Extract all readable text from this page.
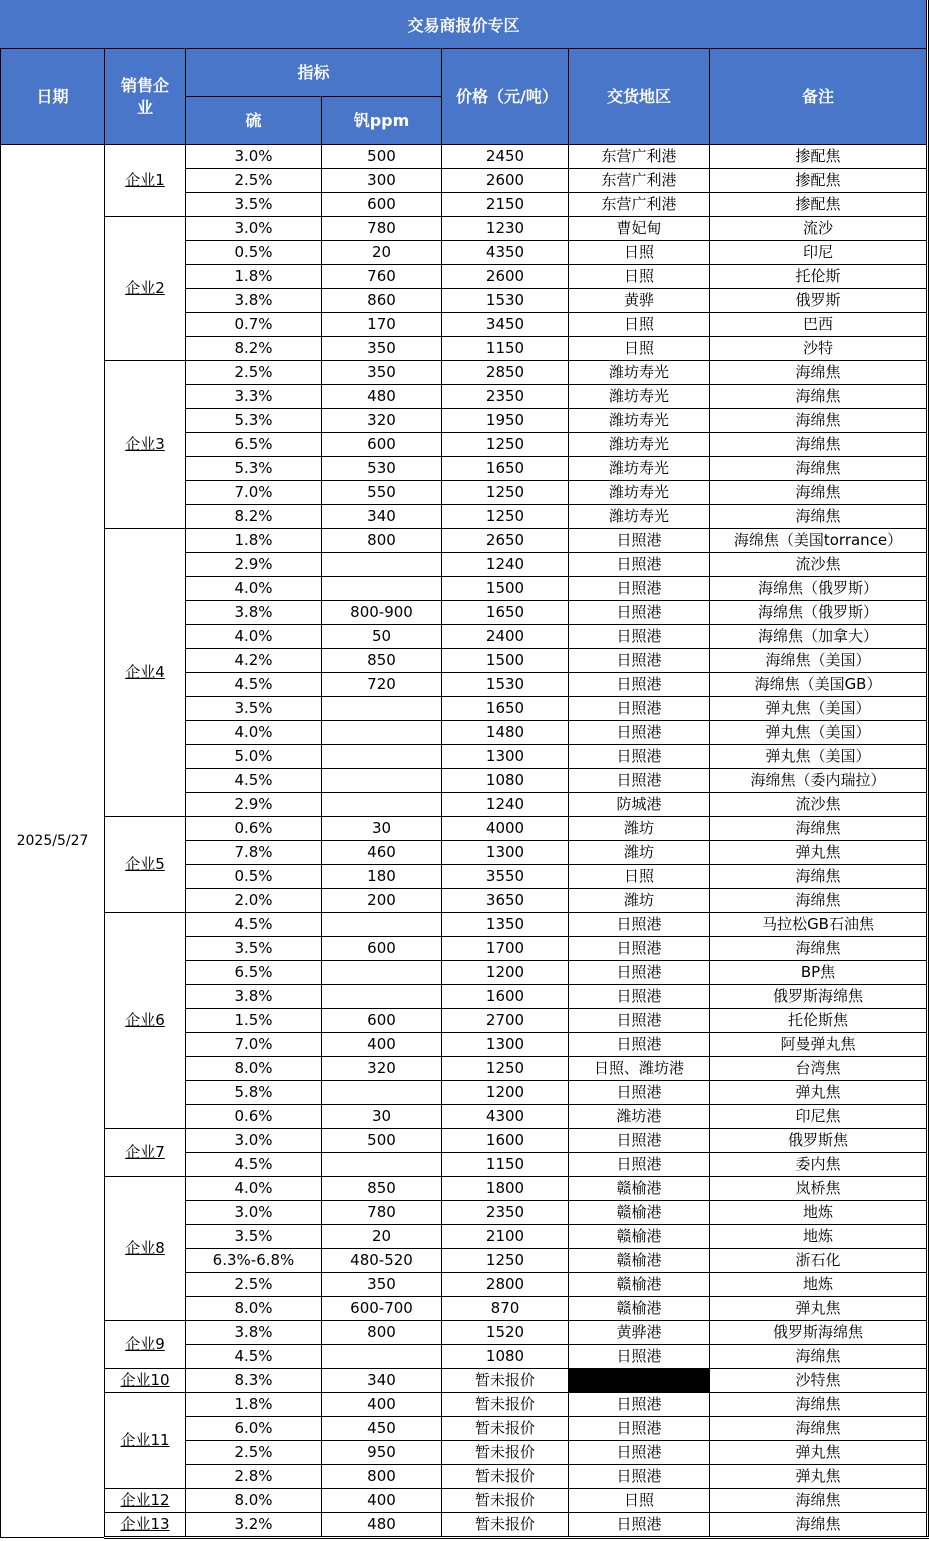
交易商报价专区						
日期	销售企业	指标		价格（元/吨）	交货地区	备注
		硫	钒ppm			
2025/5/27	企业1	3.0%	500	2450	东营广利港	掺配焦
		2.5%	300	2600	东营广利港	掺配焦
		3.5%	600	2150	东营广利港	掺配焦
	企业2	3.0%	780	1230	曹妃甸	流沙
		0.5%	20	4350	日照	印尼
		1.8%	760	2600	日照	托伦斯
		3.8%	860	1530	黄骅	俄罗斯
		0.7%	170	3450	日照	巴西
		8.2%	350	1150	日照	沙特
	企业3	2.5%	350	2850	潍坊寿光	海绵焦
		3.3%	480	2350	潍坊寿光	海绵焦
		5.3%	320	1950	潍坊寿光	海绵焦
		6.5%	600	1250	潍坊寿光	海绵焦
		5.3%	530	1650	潍坊寿光	海绵焦
		7.0%	550	1250	潍坊寿光	海绵焦
		8.2%	340	1250	潍坊寿光	海绵焦
	企业4	1.8%	800	2650	日照港	海绵焦（美国torrance）
		2.9%		1240	日照港	流沙焦
		4.0%		1500	日照港	海绵焦（俄罗斯）
		3.8%	800-900	1650	日照港	海绵焦（俄罗斯）
		4.0%	50	2400	日照港	海绵焦（加拿大）
		4.2%	850	1500	日照港	海绵焦（美国）
		4.5%	720	1530	日照港	海绵焦（美国GB）
		3.5%		1650	日照港	弹丸焦（美国）
		4.0%		1480	日照港	弹丸焦（美国）
		5.0%		1300	日照港	弹丸焦（美国）
		4.5%		1080	日照港	海绵焦（委内瑞拉）
		2.9%		1240	防城港	流沙焦
	企业5	0.6%	30	4000	潍坊	海绵焦
		7.8%	460	1300	潍坊	弹丸焦
		0.5%	180	3550	日照	海绵焦
		2.0%	200	3650	潍坊	海绵焦
	企业6	4.5%		1350	日照港	马拉松GB石油焦
		3.5%	600	1700	日照港	海绵焦
		6.5%		1200	日照港	BP焦
		3.8%		1600	日照港	俄罗斯海绵焦
		1.5%	600	2700	日照港	托伦斯焦
		7.0%	400	1300	日照港	阿曼弹丸焦
		8.0%	320	1250	日照、潍坊港	台湾焦
		5.8%		1200	日照港	弹丸焦
		0.6%	30	4300	潍坊港	印尼焦
	企业7	3.0%	500	1600	日照港	俄罗斯焦
		4.5%		1150	日照港	委内焦
	企业8	4.0%	850	1800	赣榆港	岚桥焦
		3.0%	780	2350	赣榆港	地炼
		3.5%	20	2100	赣榆港	地炼
		6.3%-6.8%	480-520	1250	赣榆港	浙石化
		2.5%	350	2800	赣榆港	地炼
		8.0%	600-700	870	赣榆港	弹丸焦
	企业9	3.8%	800	1520	黄骅港	俄罗斯海绵焦
		4.5%		1080	日照港	海绵焦
	企业10	8.3%	340	暂未报价		沙特焦
	企业11	1.8%	400	暂未报价	日照港	海绵焦
		6.0%	450	暂未报价	日照港	海绵焦
		2.5%	950	暂未报价	日照港	弹丸焦
		2.8%	800	暂未报价	日照港	弹丸焦
	企业12	8.0%	400	暂未报价	日照	海绵焦
	企业13	3.2%	480	暂未报价	日照港	海绵焦
